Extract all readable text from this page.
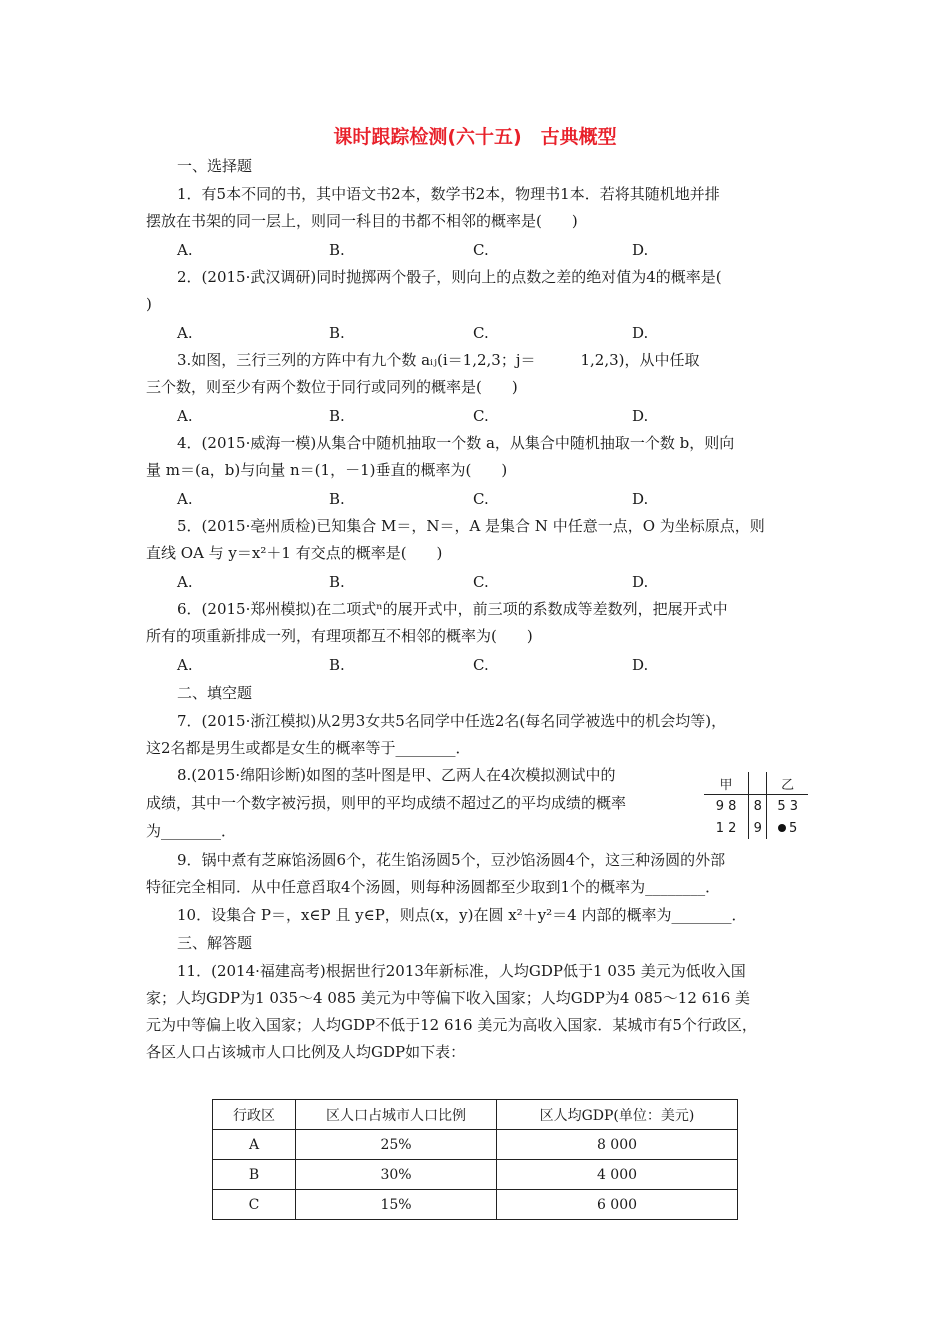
课时跟踪检测(六十五)　古典概型
一、选择题
1．有5本不同的书，其中语文书2本，数学书2本，物理书1本．若将其随机地并排
摆放在书架的同一层上，则同一科目的书都不相邻的概率是(　　)
A.	B.	C.	D.
2．(2015·武汉调研)同时抛掷两个骰子，则向上的点数之差的绝对值为4的概率是(
)
A.	B.	C.	D.
3.如图，三行三列的方阵中有九个数 aᵢⱼ(i＝1,2,3；j＝　　　1,2,3)，从中任取
三个数，则至少有两个数位于同行或同列的概率是(　　)
A.	B.	C.	D.
4．(2015·威海一模)从集合中随机抽取一个数 a，从集合中随机抽取一个数 b，则向
量 m＝(a，b)与向量 n＝(1，－1)垂直的概率为(　　)
A.	B.	C.	D.
5．(2015·亳州质检)已知集合 M＝，N＝，A 是集合 N 中任意一点，O 为坐标原点，则
直线 OA 与 y＝x²＋1 有交点的概率是(　　)
A.	B.	C.	D.
6．(2015·郑州模拟)在二项式ⁿ的展开式中，前三项的系数成等差数列，把展开式中
所有的项重新排成一列，有理项都互不相邻的概率为(　　)
A.	B.	C.	D.
二、填空题
7．(2015·浙江模拟)从2男3女共5名同学中任选2名(每名同学被选中的机会均等)，
这2名都是男生或都是女生的概率等于________．
8.(2015·绵阳诊断)如图的茎叶图是甲、乙两人在4次模拟测试中的
成绩，其中一个数字被污损，则甲的平均成绩不超过乙的平均成绩的概率
为________．
甲		乙
9 8	8	5 3
1 2	9	5
9．锅中煮有芝麻馅汤圆6个，花生馅汤圆5个，豆沙馅汤圆4个，这三种汤圆的外部
特征完全相同．从中任意舀取4个汤圆，则每种汤圆都至少取到1个的概率为________．
10．设集合 P＝，x∈P 且 y∈P，则点(x，y)在圆 x²＋y²＝4 内部的概率为________．
三、解答题
11．(2014·福建高考)根据世行2013年新标准，人均GDP低于1 035 美元为低收入国
家；人均GDP为1 035～4 085 美元为中等偏下收入国家；人均GDP为4 085～12 616 美
元为中等偏上收入国家；人均GDP不低于12 616 美元为高收入国家．某城市有5个行政区，
各区人口占该城市人口比例及人均GDP如下表：
行政区	区人口占城市人口比例	区人均GDP(单位：美元)
A	25%	8 000
B	30%	4 000
C	15%	6 000
